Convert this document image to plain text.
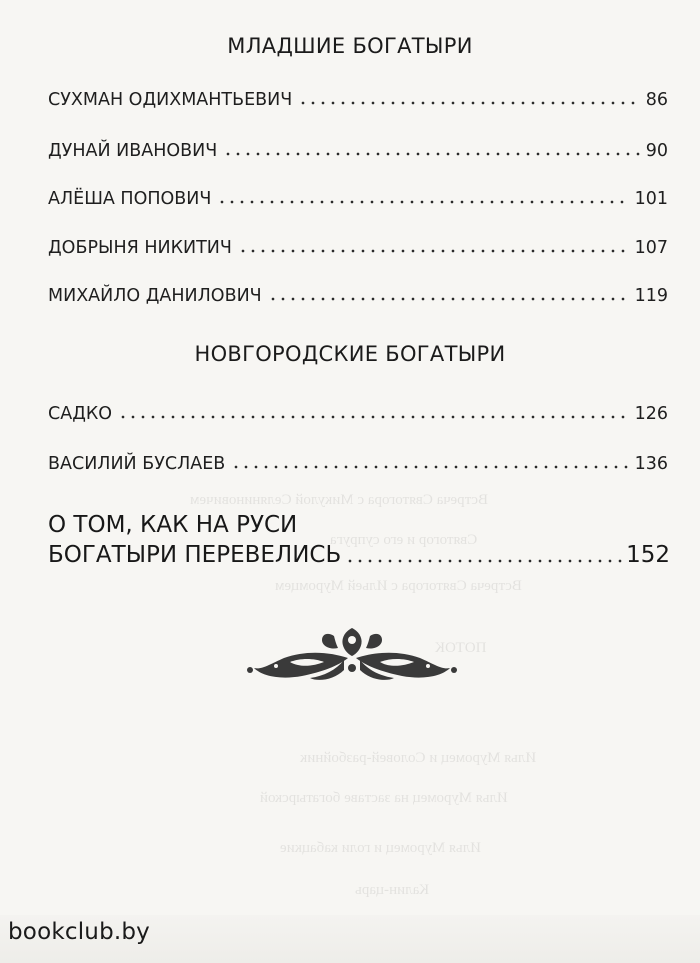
Встреча Святогора с Микулой Селяниновичем
Святогор и его супруга
Встреча Святогора с Ильей Муромцем
ПОТОК
Илья Муромец и Соловей-разбойник
Илья Муромец на заставе богатырской
Илья Муромец и голи кабацкие
Калин-царь
МЛАДШИЕ БОГАТЫРИ
СУХМАН ОДИХМАНТЬЕВИЧ	86
ДУНАЙ ИВАНОВИЧ	90
АЛЁША ПОПОВИЧ	101
ДОБРЫНЯ НИКИТИЧ	107
МИХАЙЛО ДАНИЛОВИЧ	119
НОВГОРОДСКИЕ БОГАТЫРИ
САДКО	126
ВАСИЛИЙ БУСЛАЕВ	136
О ТОМ, КАК НА РУСИ
БОГАТЫРИ ПЕРЕВЕЛИСЬ	152
bookclub.by
